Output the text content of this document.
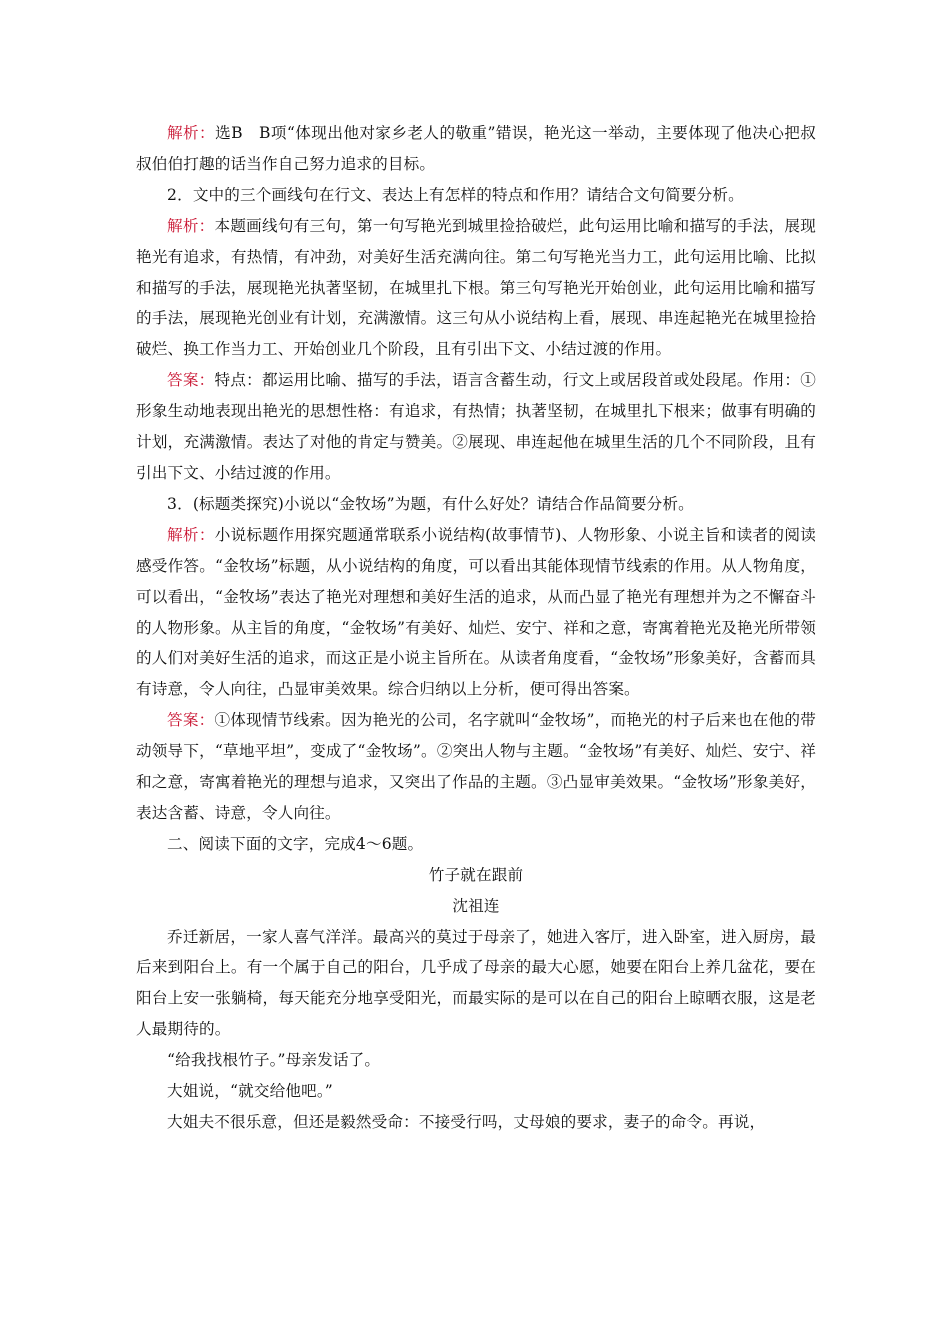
解析：选B　B项“体现出他对家乡老人的敬重”错误，艳光这一举动，主要体现了他决心把叔叔伯伯打趣的话当作自己努力追求的目标。

2．文中的三个画线句在行文、表达上有怎样的特点和作用？请结合文句简要分析。

解析：本题画线句有三句，第一句写艳光到城里捡拾破烂，此句运用比喻和描写的手法，展现艳光有追求，有热情，有冲劲，对美好生活充满向往。第二句写艳光当力工，此句运用比喻、比拟和描写的手法，展现艳光执著坚韧，在城里扎下根。第三句写艳光开始创业，此句运用比喻和描写的手法，展现艳光创业有计划，充满激情。这三句从小说结构上看，展现、串连起艳光在城里捡拾破烂、换工作当力工、开始创业几个阶段，且有引出下文、小结过渡的作用。

答案：特点：都运用比喻、描写的手法，语言含蓄生动，行文上或居段首或处段尾。作用：①形象生动地表现出艳光的思想性格：有追求，有热情；执著坚韧，在城里扎下根来；做事有明确的计划，充满激情。表达了对他的肯定与赞美。②展现、串连起他在城里生活的几个不同阶段，且有引出下文、小结过渡的作用。

3．(标题类探究)小说以“金牧场”为题，有什么好处？请结合作品简要分析。

解析：小说标题作用探究题通常联系小说结构(故事情节)、人物形象、小说主旨和读者的阅读感受作答。“金牧场”标题，从小说结构的角度，可以看出其能体现情节线索的作用。从人物角度，可以看出，“金牧场”表达了艳光对理想和美好生活的追求，从而凸显了艳光有理想并为之不懈奋斗的人物形象。从主旨的角度，“金牧场”有美好、灿烂、安宁、祥和之意，寄寓着艳光及艳光所带领的人们对美好生活的追求，而这正是小说主旨所在。从读者角度看，“金牧场”形象美好，含蓄而具有诗意，令人向往，凸显审美效果。综合归纳以上分析，便可得出答案。

答案：①体现情节线索。因为艳光的公司，名字就叫“金牧场”，而艳光的村子后来也在他的带动领导下，“草地平坦”，变成了“金牧场”。②突出人物与主题。“金牧场”有美好、灿烂、安宁、祥和之意，寄寓着艳光的理想与追求，又突出了作品的主题。③凸显审美效果。“金牧场”形象美好，表达含蓄、诗意，令人向往。

二、阅读下面的文字，完成4～6题。

竹子就在跟前

沈祖连

乔迁新居，一家人喜气洋洋。最高兴的莫过于母亲了，她进入客厅，进入卧室，进入厨房，最后来到阳台上。有一个属于自己的阳台，几乎成了母亲的最大心愿，她要在阳台上养几盆花，要在阳台上安一张躺椅，每天能充分地享受阳光，而最实际的是可以在自己的阳台上晾晒衣服，这是老人最期待的。

“给我找根竹子。”母亲发话了。

大姐说，“就交给他吧。”

大姐夫不很乐意，但还是毅然受命：不接受行吗，丈母娘的要求，妻子的命令。再说，
